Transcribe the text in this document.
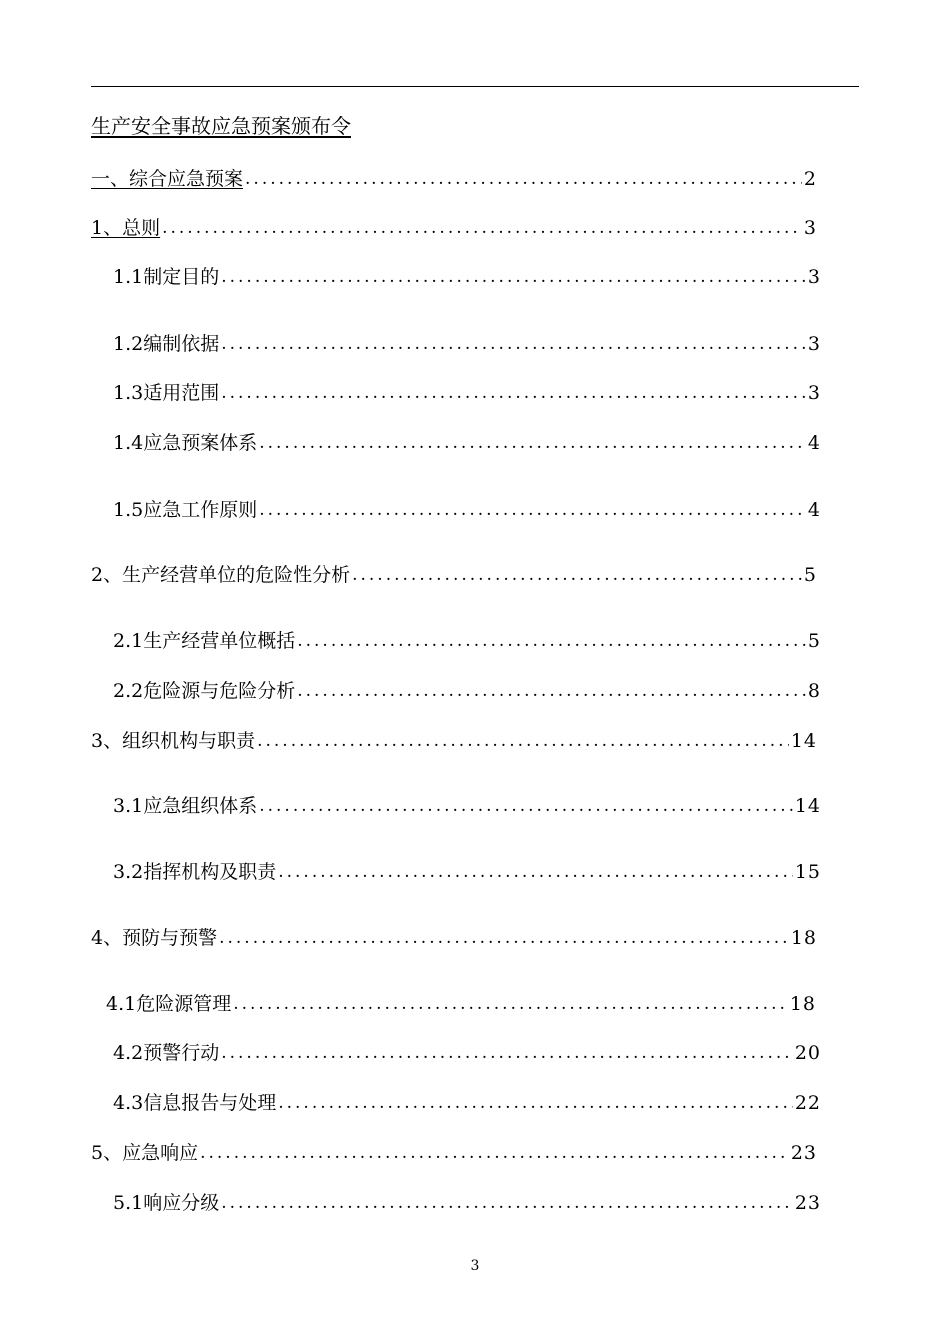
生产安全事故应急预案颁布令
一、综合应急预案 .....	2
1、总则 .....	3
1.1制定目的 .....	3
1.2编制依据 .....	3
1.3适用范围 .....	3
1.4应急预案体系 .....	4
1.5应急工作原则 .....	4
2、生产经营单位的危险性分析 .....	5
2.1生产经营单位概括 .....	5
2.2危险源与危险分析 .....	8
3、组织机构与职责 .....	14
3.1应急组织体系 .....	14
3.2指挥机构及职责 .....	15
4、预防与预警 .....	18
4.1危险源管理 .....	18
4.2预警行动 .....	20
4.3信息报告与处理 .....	22
5、应急响应 .....	23
5.1响应分级 .....	23
3
